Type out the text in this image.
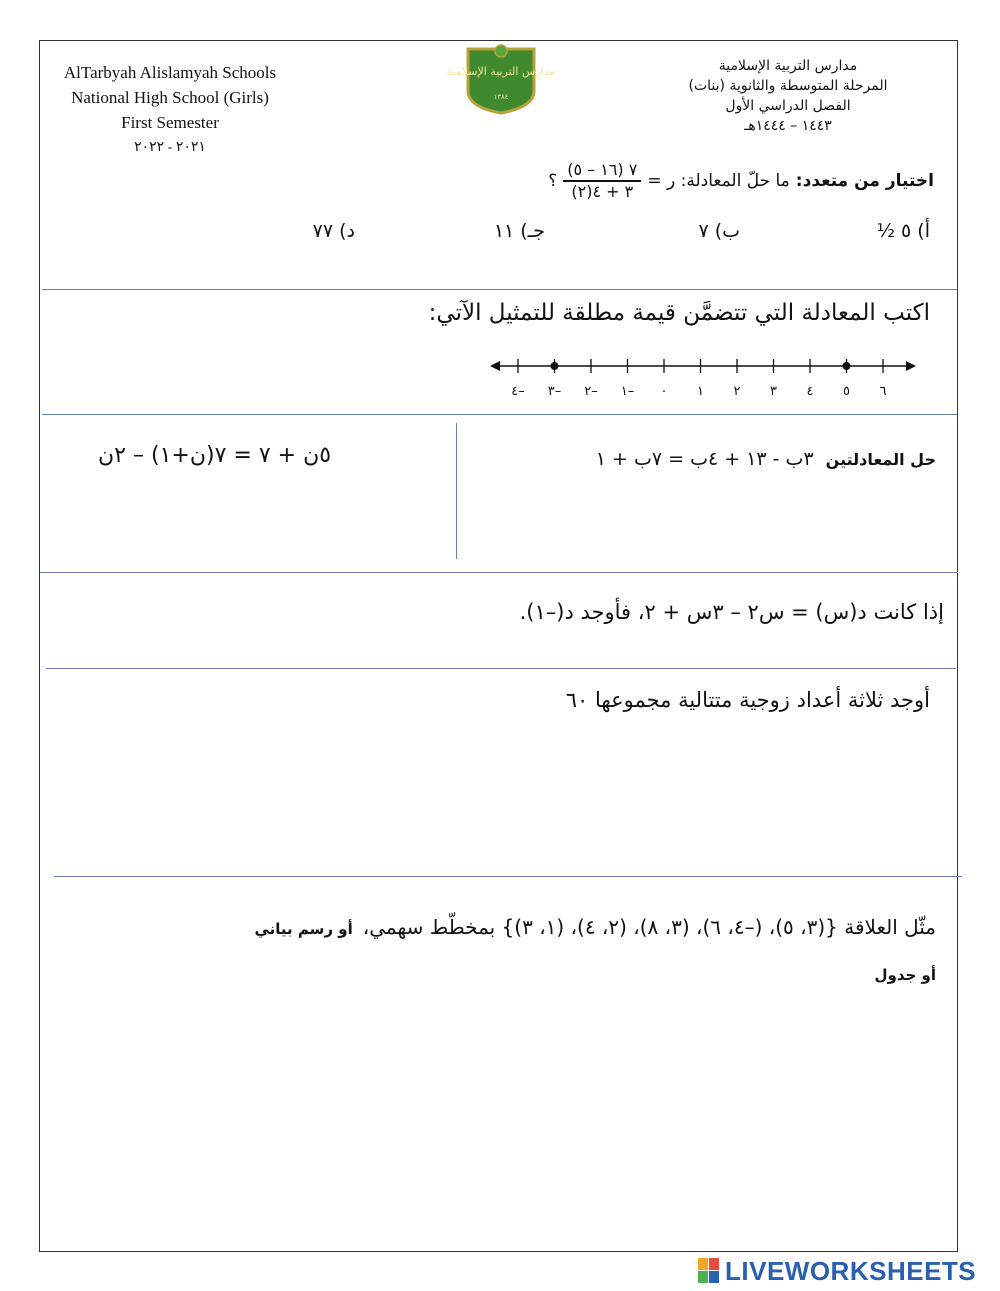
AlTarbyah Alislamyah Schools
National High School (Girls)
First Semester
٢٠٢١ - ٢٠٢٢
مدارس التربية الإسلامية
١٣٨٤
مدارس التربية الإسلامية
المرحلة المتوسطة والثانوية (بنات)
الفصل الدراسي الأول
١٤٤٣ – ١٤٤٤هـ
اختيار من متعدد:
ما حلّ المعادلة: ر =
$\frac{٧ (١٦ - ٥)}{٣ + ٤(٢)}$
؟
أ) ٥ ½
ب) ٧
جـ) ١١
د) ٧٧
اكتب المعادلة التي تتضمَّن قيمة مطلقة للتمثيل الآتي:
٤– ٣– ٢– ١– ٠ ١ ٢ ٣ ٤ ٥ ٦
حل المعادلتين
٣ب - ١٣ + ٤ب = ٧ب + ١
٥ن + ٧ = ٧(ن+١) – ٢ن
إذا كانت د(س) = س٢ – ٣س + ٢، فأوجد د(–١).
أوجد ثلاثة أعداد زوجية متتالية مجموعها ٦٠
مثّل العلاقة {(٣، ٥)، (–٤، ٦)، (٣، ٨)، (٢، ٤)، (١، ٣)} بمخطّط سهمي،
أو رسم بياني
أو جدول
LIVEWORKSHEETS
